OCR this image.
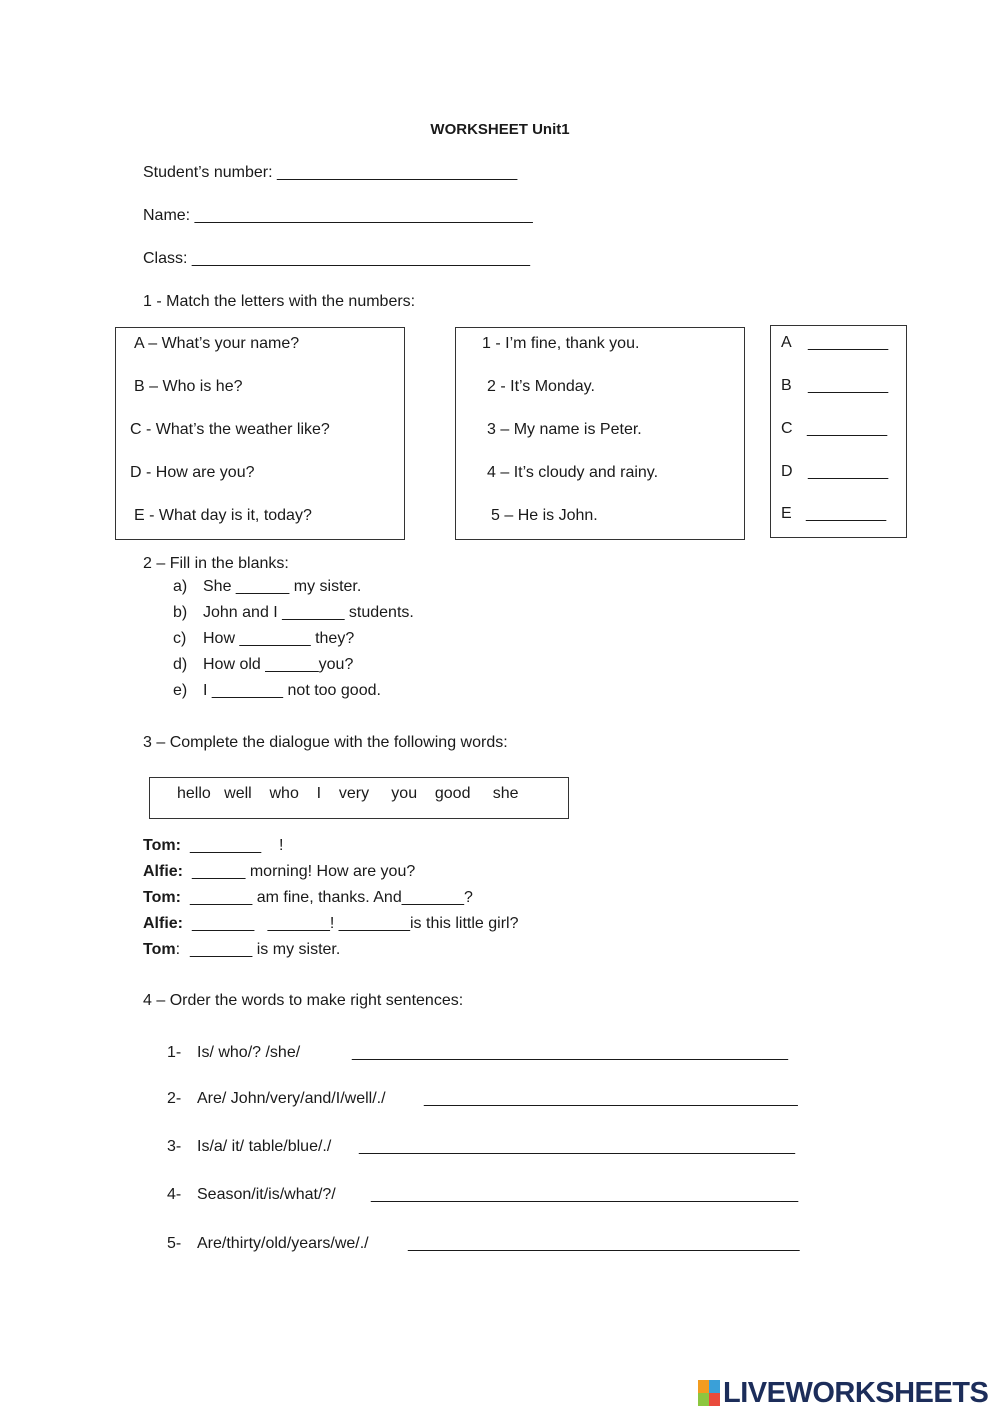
WORKSHEET Unit1
Student’s number: ___________________________
Name: ______________________________________
Class: ______________________________________
1 - Match the letters with the numbers:
A – What’s your name?
B – Who is he?
C - What’s the weather like?
D - How are you?
E - What day is it, today?
1 - I’m fine, thank you.
2 - It’s Monday.
3 – My name is Peter.
4 – It’s cloudy and rainy.
5 – He is John.
A _________
B _________
C _________
D _________
E _________
2 – Fill in the blanks:
a) She ______ my sister.
b) John and I _______ students.
c) How ________ they?
d) How old ______you?
e) I ________ not too good.
3 – Complete the dialogue with the following words:
hello   well    who    I    very     you    good     she
Tom: ________    !
Alfie: ______ morning! How are you?
Tom: _______ am fine, thanks. And_______?
Alfie: _______   _______! ________is this little girl?
Tom: _______ is my sister.
4 – Order the words to make right sentences:
1- Is/ who/? /she/	_________________________________________________
2- Are/ John/very/and/I/well/./ __________________________________________
3- Is/a/ it/ table/blue/./ _________________________________________________
4- Season/it/is/what/?/ ________________________________________________
5- Are/thirty/old/years/we/./ ____________________________________________
LIVEWORKSHEETS
